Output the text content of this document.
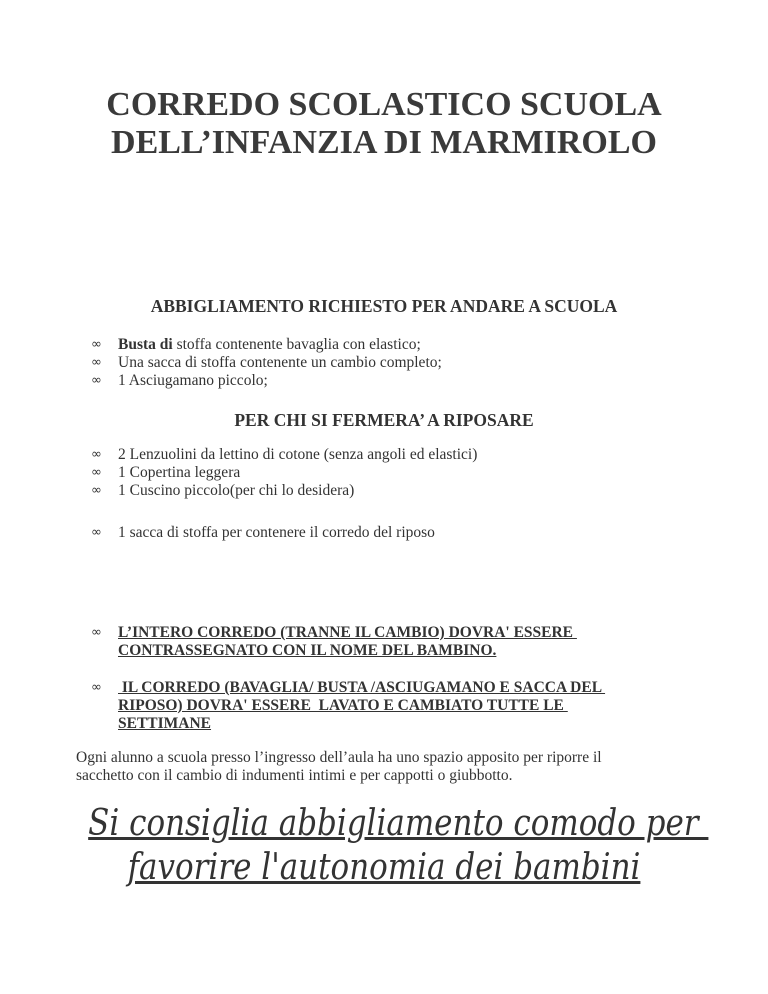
CORREDO SCOLASTICO SCUOLA
DELL’INFANZIA DI MARMIROLO
ABBIGLIAMENTO RICHIESTO PER ANDARE A SCUOLA
∞ Busta di stoffa contenente bavaglia con elastico;
∞ Una sacca di stoffa contenente un cambio completo;
∞ 1 Asciugamano piccolo;
PER CHI SI FERMERA’ A RIPOSARE
∞ 2 Lenzuolini da lettino di cotone (senza angoli ed elastici)
∞ 1 Copertina leggera
∞ 1 Cuscino piccolo(per chi lo desidera)
∞ 1 sacca di stoffa per contenere il corredo del riposo
∞ L’INTERO CORREDO (TRANNE IL CAMBIO) DOVRA' ESSERE
CONTRASSEGNATO CON IL NOME DEL BAMBINO.
∞ IL CORREDO (BAVAGLIA/ BUSTA /ASCIUGAMANO E SACCA DEL
RIPOSO) DOVRA' ESSERE  LAVATO E CAMBIATO TUTTE LE
SETTIMANE

Ogni alunno a scuola presso l’ingresso dell’aula ha uno spazio apposito per riporre il
sacchetto con il cambio di indumenti intimi e per cappotti o giubbotto.

Si consiglia abbigliamento comodo per
favorire l'autonomia dei bambini
